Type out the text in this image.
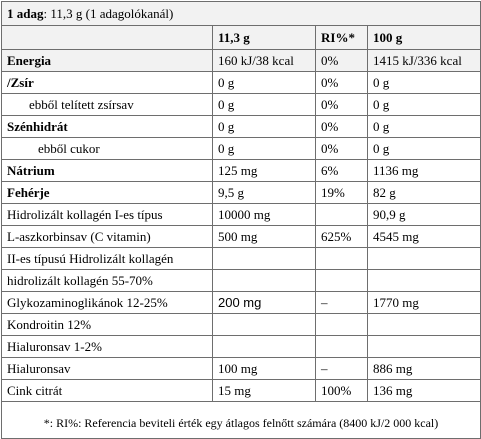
1 adag: 11,3 g (1 adagolókanál)			
	11,3 g	RI%*	100 g
Energia	160 kJ/38 kcal	0%	1415 kJ/336 kcal
/Zsír	0 g	0%	0 g
ebből telített zsírsav	0 g	0%	0 g
Szénhidrát	0 g	0%	0 g
ebből cukor	0 g	0%	0 g
Nátrium	125 mg	6%	1136 mg
Fehérje	9,5 g	19%	82 g
Hidrolizált kollagén I-es típus	10000 mg		90,9 g
L-aszkorbinsav (C vitamin)	500 mg	625%	4545 mg
II-es típusú Hidrolizált kollagén			
hidrolizált kollagén 55-70%			
Glykozaminoglikánok 12-25%	200 mg	–	1770 mg
Kondroitin 12%			
Hialuronsav 1-2%			
Hialuronsav	100 mg	–	886 mg
Cink citrát	15 mg	100%	136 mg
*: RI%: Referencia beviteli érték egy átlagos felnőtt számára (8400 kJ/2 000 kcal)			
